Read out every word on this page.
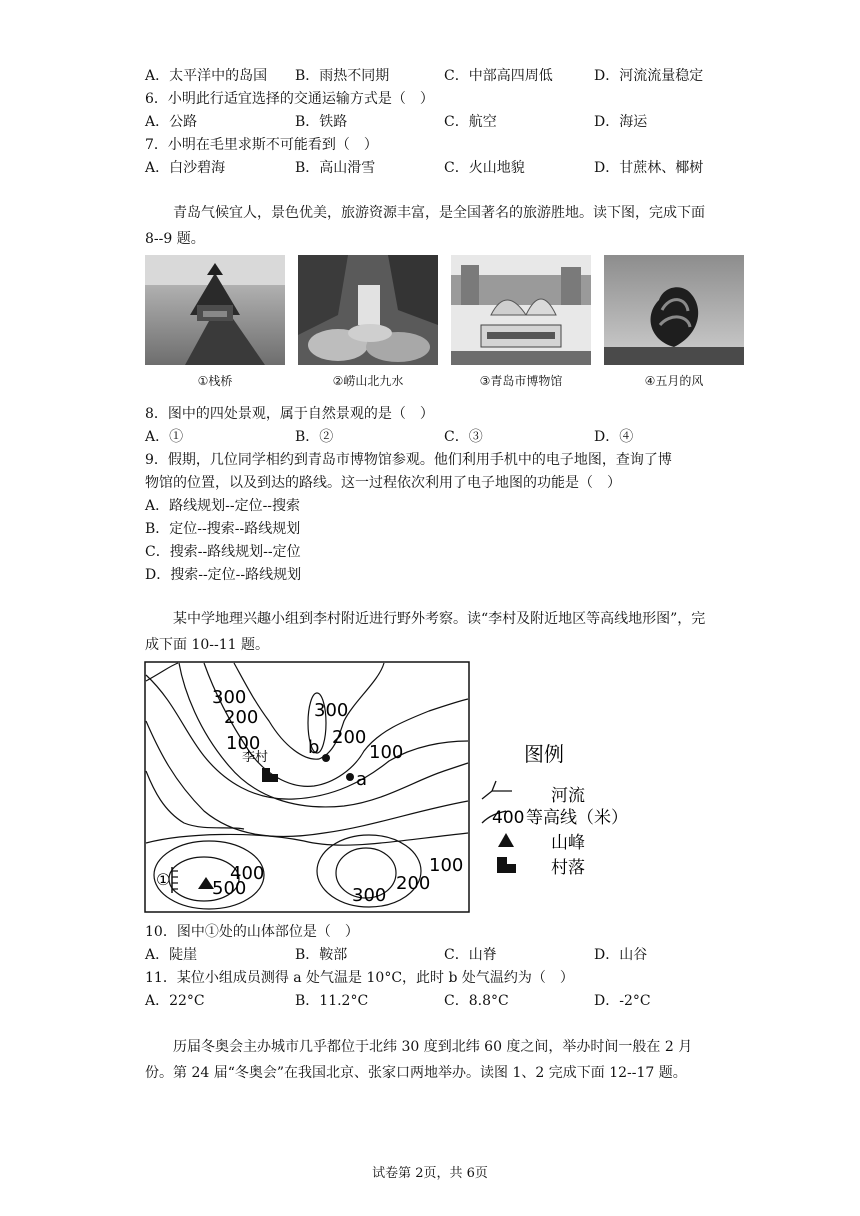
A．太平洋中的岛国 B．雨热不同期	C．中部高四周低	D．河流流量稳定
6．小明此行适宜选择的交通运输方式是（　）
A．公路	B．铁路	C．航空	D．海运
7．小明在毛里求斯不可能看到（　）
A．白沙碧海	B．高山滑雪	C．火山地貌	D．甘蔗林、椰树
青岛气候宜人，景色优美，旅游资源丰富，是全国著名的旅游胜地。读下图，完成下面 8--9 题。
①栈桥	②崂山北九水	③青岛市博物馆	④五月的风
8．图中的四处景观，属于自然景观的是（　）
A．①	B．②	C．③	D．④
9．假期，几位同学相约到青岛市博物馆参观。他们利用手机中的电子地图，查询了博
物馆的位置，以及到达的路线。这一过程依次利用了电子地图的功能是（　）
A．路线规划--定位--搜索
B．定位--搜索--路线规划
C．搜索--路线规划--定位
D．搜索--定位--路线规划
某中学地理兴趣小组到李村附近进行野外考察。读“李村及附近地区等高线地形图”，完成下面 10--11 题。
300
200
100
300
200
100
400
500
100
200
300
李村 b
a
①
图例
河流
400 等高线（米）
山峰
村落
10．图中①处的山体部位是（　）
A．陡崖	B．鞍部	C．山脊	D．山谷
11．某位小组成员测得 a 处气温是 10°C，此时 b 处气温约为（　）
A．22°C	B．11.2°C	C．8.8°C	D．-2°C
历届冬奥会主办城市几乎都位于北纬 30 度到北纬 60 度之间，举办时间一般在 2 月份。第 24 届“冬奥会”在我国北京、张家口两地举办。读图 1、2 完成下面 12--17 题。
试卷第 2页，共 6页
